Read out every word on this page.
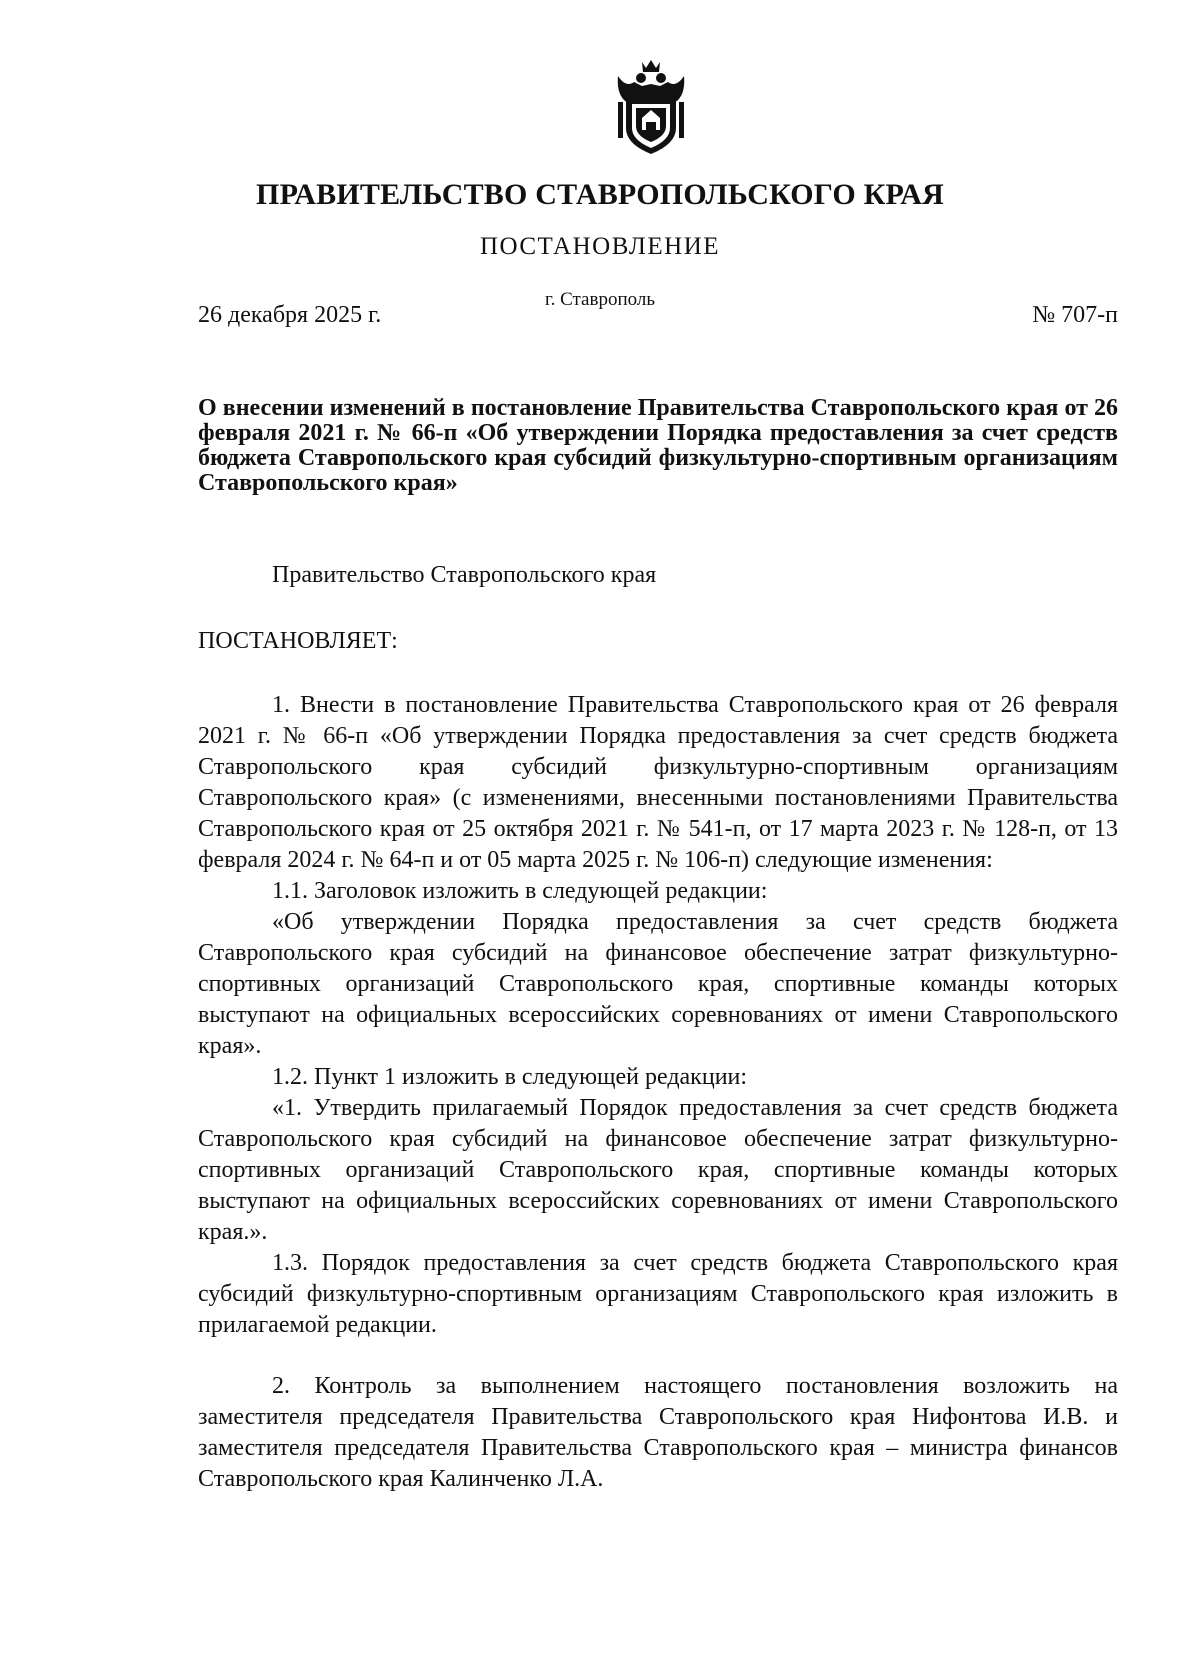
ПРАВИТЕЛЬСТВО СТАВРОПОЛЬСКОГО КРАЯ
ПОСТАНОВЛЕНИЕ
26 декабря 2025 г.
г. Ставрополь
№ 707-п
О внесении изменений в постановление Правительства Ставропольского края от 26 февраля 2021 г. № 66-п «Об утверждении Порядка предоставления за счет средств бюджета Ставропольского края субсидий физкультурно-спортивным организациям Ставропольского края»
Правительство Ставропольского края
ПОСТАНОВЛЯЕТ:

1. Внести в постановление Правительства Ставропольского края от 26 февраля 2021 г. № 66-п «Об утверждении Порядка предоставления за счет средств бюджета Ставропольского края субсидий физкультурно-спортивным организациям Ставропольского края» (с изменениями, внесенными постановлениями Правительства Ставропольского края от 25 октября 2021 г. № 541-п, от 17 марта 2023 г. № 128-п, от 13 февраля 2024 г. № 64-п и от 05 марта 2025 г. № 106-п) следующие изменения:

1.1. Заголовок изложить в следующей редакции:

«Об утверждении Порядка предоставления за счет средств бюджета Ставропольского края субсидий на финансовое обеспечение затрат физкультурно-спортивных организаций Ставропольского края, спортивные команды которых выступают на официальных всероссийских соревнованиях от имени Ставропольского края».

1.2. Пункт 1 изложить в следующей редакции:

«1. Утвердить прилагаемый Порядок предоставления за счет средств бюджета Ставропольского края субсидий на финансовое обеспечение затрат физкультурно-спортивных организаций Ставропольского края, спортивные команды которых выступают на официальных всероссийских соревнованиях от имени Ставропольского края.».

1.3. Порядок предоставления за счет средств бюджета Ставропольского края субсидий физкультурно-спортивным организациям Ставропольского края изложить в прилагаемой редакции.

2. Контроль за выполнением настоящего постановления возложить на заместителя председателя Правительства Ставропольского края Нифонтова И.В. и заместителя председателя Правительства Ставропольского края – министра финансов Ставропольского края Калинченко Л.А.
